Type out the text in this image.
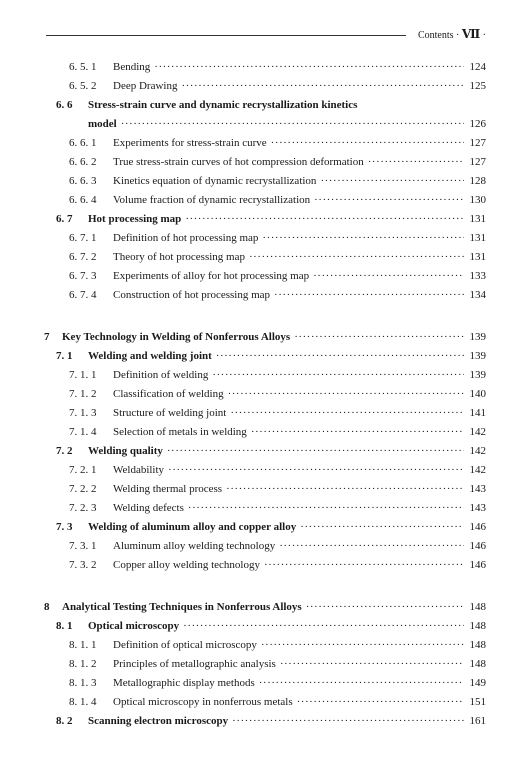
Contents · Ⅶ ·
6. 5. 1 Bending ·····	124
6. 5. 2 Deep Drawing ·····	125
6. 6 Stress-strain curve and dynamic recrystallization kinetics
model ·····	126
6. 6. 1 Experiments for stress-strain curve ·····	127
6. 6. 2 True stress-strain curves of hot compression deformation ·····	127
6. 6. 3 Kinetics equation of dynamic recrystallization ·····	128
6. 6. 4 Volume fraction of dynamic recrystallization ·····	130
6. 7 Hot processing map ·····	131
6. 7. 1 Definition of hot processing map ·····	131
6. 7. 2 Theory of hot processing map ·····	131
6. 7. 3 Experiments of alloy for hot processing map ·····	133
6. 7. 4 Construction of hot processing map ·····	134
7 Key Technology in Welding of Nonferrous Alloys ·····	139
7. 1 Welding and welding joint ·····	139
7. 1. 1 Definition of welding ·····	139
7. 1. 2 Classification of welding ·····	140
7. 1. 3 Structure of welding joint ·····	141
7. 1. 4 Selection of metals in welding ·····	142
7. 2 Welding quality ·····	142
7. 2. 1 Weldability ·····	142
7. 2. 2 Welding thermal process ·····	143
7. 2. 3 Welding defects ·····	143
7. 3 Welding of aluminum alloy and copper alloy ·····	146
7. 3. 1 Aluminum alloy welding technology ·····	146
7. 3. 2 Copper alloy welding technology ·····	146
8 Analytical Testing Techniques in Nonferrous Alloys ·····	148
8. 1 Optical microscopy ·····	148
8. 1. 1 Definition of optical microscopy ·····	148
8. 1. 2 Principles of metallographic analysis ·····	148
8. 1. 3 Metallographic display methods ·····	149
8. 1. 4 Optical microscopy in nonferrous metals ·····	151
8. 2 Scanning electron microscopy ·····	161
